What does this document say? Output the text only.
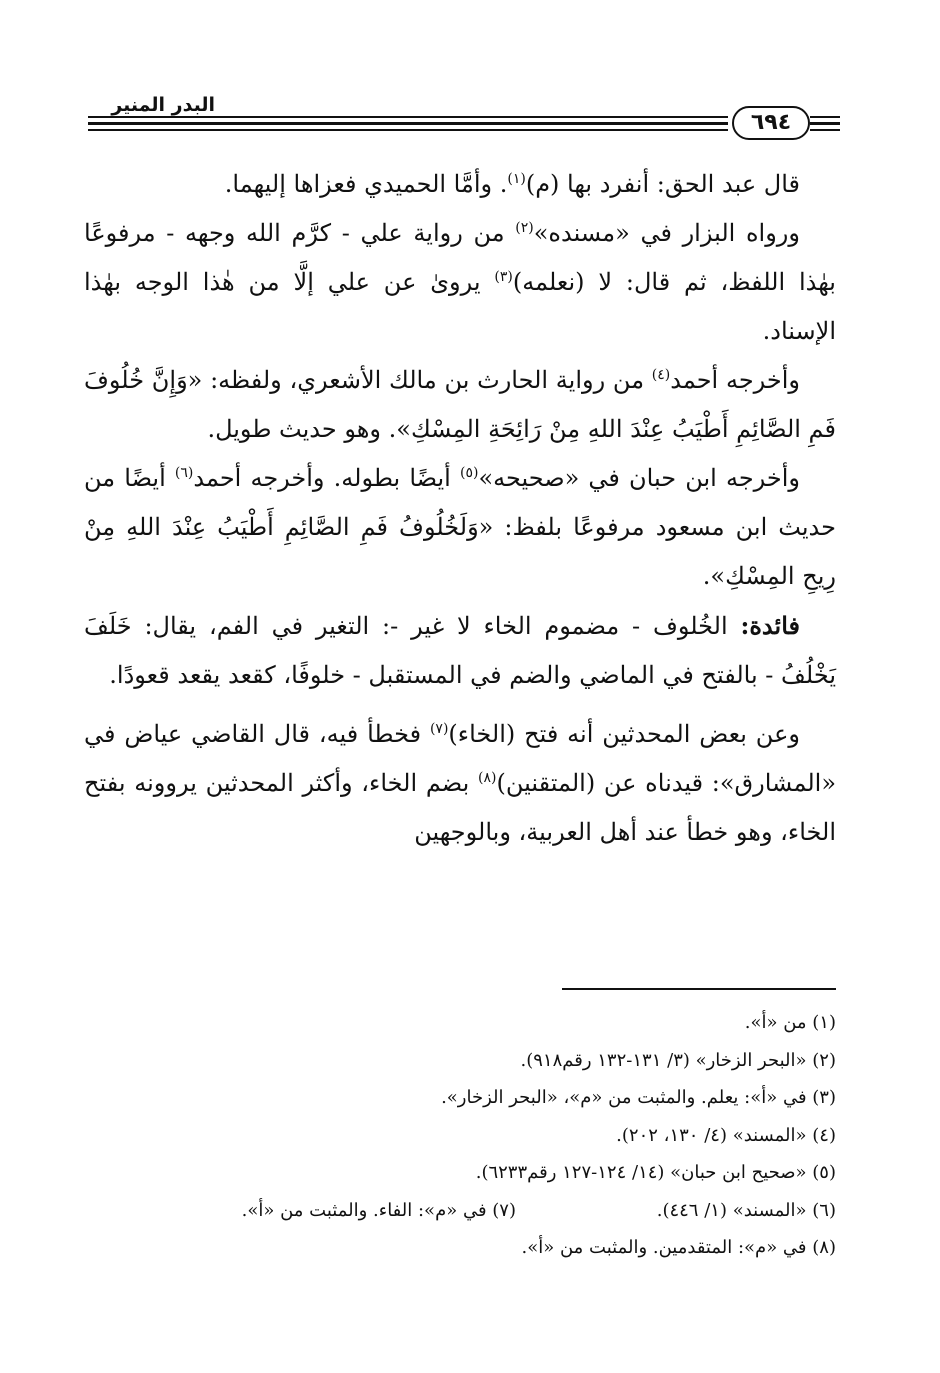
البدر المنير
٦٩٤

قال عبد الحق: أنفرد بها (م)$^{(١)}$. وأمَّا الحميدي فعزاها إليهما.

ورواه البزار في «مسنده»$^{(٢)}$ من رواية علي - كرَّم الله وجهه - مرفوعًا بهٰذا اللفظ، ثم قال: لا (نعلمه)$^{(٣)}$ يروىٰ عن علي إلَّا من هٰذا الوجه بهٰذا الإسناد.

وأخرجه أحمد$^{(٤)}$ من رواية الحارث بن مالك الأشعري، ولفظه: «وَإِنَّ خُلُوفَ فَمِ الصَّائِمِ أَطْيَبُ عِنْدَ اللهِ مِنْ رَائِحَةِ المِسْكِ». وهو حديث طويل.

وأخرجه ابن حبان في «صحيحه»$^{(٥)}$ أيضًا بطوله. وأخرجه أحمد$^{(٦)}$ أيضًا من حديث ابن مسعود مرفوعًا بلفظ: «وَلَخُلُوفُ فَمِ الصَّائِمِ أَطْيَبُ عِنْدَ اللهِ مِنْ رِيحِ المِسْكِ».

فائدة: الخُلوف - مضموم الخاء لا غير -: التغير في الفم، يقال: خَلَفَ يَخْلُفُ - بالفتح في الماضي والضم في المستقبل - خلوفًا، كقعد يقعد قعودًا.

وعن بعض المحدثين أنه فتح (الخاء)$^{(٧)}$ فخطأ فيه، قال القاضي عياض في «المشارق»: قيدناه عن (المتقنين)$^{(٨)}$ بضم الخاء، وأكثر المحدثين يروونه بفتح الخاء، وهو خطأ عند أهل العربية، وبالوجهين

(١) من «أ».

(٢) «البحر الزخار» (٣/ ١٣١-١٣٢ رقم٩١٨).

(٣) في «أ»: يعلم. والمثبت من «م»، «البحر الزخار».

(٤) «المسند» (٤/ ١٣٠، ٢٠٢).

(٥) «صحيح ابن حبان» (١٤/ ١٢٤-١٢٧ رقم٦٢٣٣).

(٦) «المسند» (١/ ٤٤٦).
(٧) في «م»: الفاء. والمثبت من «أ».

(٨) في «م»: المتقدمين. والمثبت من «أ».
